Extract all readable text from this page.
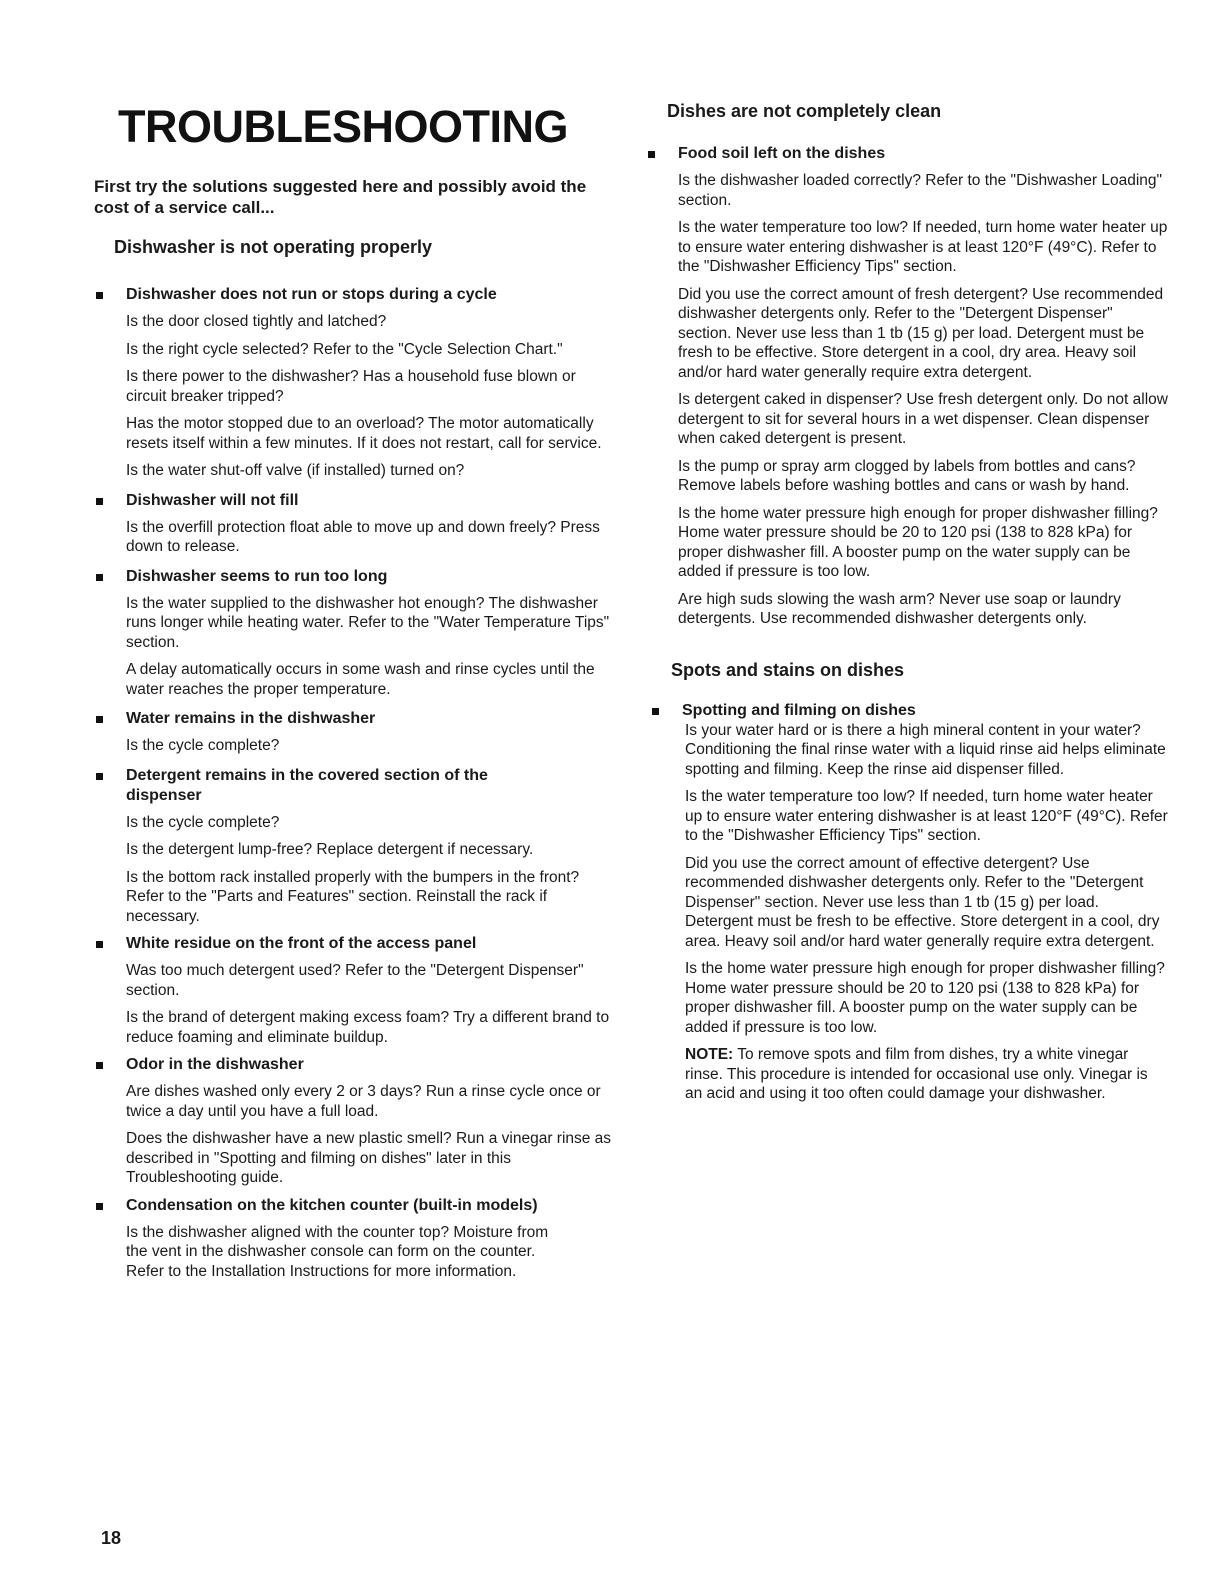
TROUBLESHOOTING

First try the solutions suggested here and possibly avoid the cost of a service call...

Dishwasher is not operating properly
Dishwasher does not run or stops during a cycle

Is the door closed tightly and latched?

Is the right cycle selected? Refer to the "Cycle Selection Chart."

Is there power to the dishwasher? Has a household fuse blown or circuit breaker tripped?

Has the motor stopped due to an overload? The motor automatically resets itself within a few minutes. If it does not restart, call for service.

Is the water shut-off valve (if installed) turned on?

Dishwasher will not fill

Is the overfill protection float able to move up and down freely? Press down to release.

Dishwasher seems to run too long

Is the water supplied to the dishwasher hot enough? The dishwasher runs longer while heating water. Refer to the "Water Temperature Tips" section.

A delay automatically occurs in some wash and rinse cycles until the water reaches the proper temperature.

Water remains in the dishwasher

Is the cycle complete?

Detergent remains in the covered section of the dispenser

Is the cycle complete?

Is the detergent lump-free? Replace detergent if necessary.

Is the bottom rack installed properly with the bumpers in the front? Refer to the "Parts and Features" section. Reinstall the rack if necessary.

White residue on the front of the access panel

Was too much detergent used? Refer to the "Detergent Dispenser" section.

Is the brand of detergent making excess foam? Try a different brand to reduce foaming and eliminate buildup.

Odor in the dishwasher

Are dishes washed only every 2 or 3 days? Run a rinse cycle once or twice a day until you have a full load.

Does the dishwasher have a new plastic smell? Run a vinegar rinse as described in "Spotting and filming on dishes" later in this Troubleshooting guide.

Condensation on the kitchen counter (built-in models)

Is the dishwasher aligned with the counter top? Moisture from the vent in the dishwasher console can form on the counter. Refer to the Installation Instructions for more information.

Dishes are not completely clean
Food soil left on the dishes

Is the dishwasher loaded correctly? Refer to the "Dishwasher Loading" section.

Is the water temperature too low? If needed, turn home water heater up to ensure water entering dishwasher is at least 120°F (49°C). Refer to the "Dishwasher Efficiency Tips" section.

Did you use the correct amount of fresh detergent? Use recommended dishwasher detergents only. Refer to the "Detergent Dispenser" section. Never use less than 1 tb (15 g) per load. Detergent must be fresh to be effective. Store detergent in a cool, dry area. Heavy soil and/or hard water generally require extra detergent.

Is detergent caked in dispenser? Use fresh detergent only. Do not allow detergent to sit for several hours in a wet dispenser. Clean dispenser when caked detergent is present.

Is the pump or spray arm clogged by labels from bottles and cans? Remove labels before washing bottles and cans or wash by hand.

Is the home water pressure high enough for proper dishwasher filling? Home water pressure should be 20 to 120 psi (138 to 828 kPa) for proper dishwasher fill. A booster pump on the water supply can be added if pressure is too low.

Are high suds slowing the wash arm? Never use soap or laundry detergents. Use recommended dishwasher detergents only.

Spots and stains on dishes
Spotting and filming on dishes

Is your water hard or is there a high mineral content in your water? Conditioning the final rinse water with a liquid rinse aid helps eliminate spotting and filming. Keep the rinse aid dispenser filled.

Is the water temperature too low? If needed, turn home water heater up to ensure water entering dishwasher is at least 120°F (49°C). Refer to the "Dishwasher Efficiency Tips" section.

Did you use the correct amount of effective detergent? Use recommended dishwasher detergents only. Refer to the "Detergent Dispenser" section. Never use less than 1 tb (15 g) per load. Detergent must be fresh to be effective. Store detergent in a cool, dry area. Heavy soil and/or hard water generally require extra detergent.

Is the home water pressure high enough for proper dishwasher filling? Home water pressure should be 20 to 120 psi (138 to 828 kPa) for proper dishwasher fill. A booster pump on the water supply can be added if pressure is too low.

NOTE: To remove spots and film from dishes, try a white vinegar rinse. This procedure is intended for occasional use only. Vinegar is an acid and using it too often could damage your dishwasher.

18
